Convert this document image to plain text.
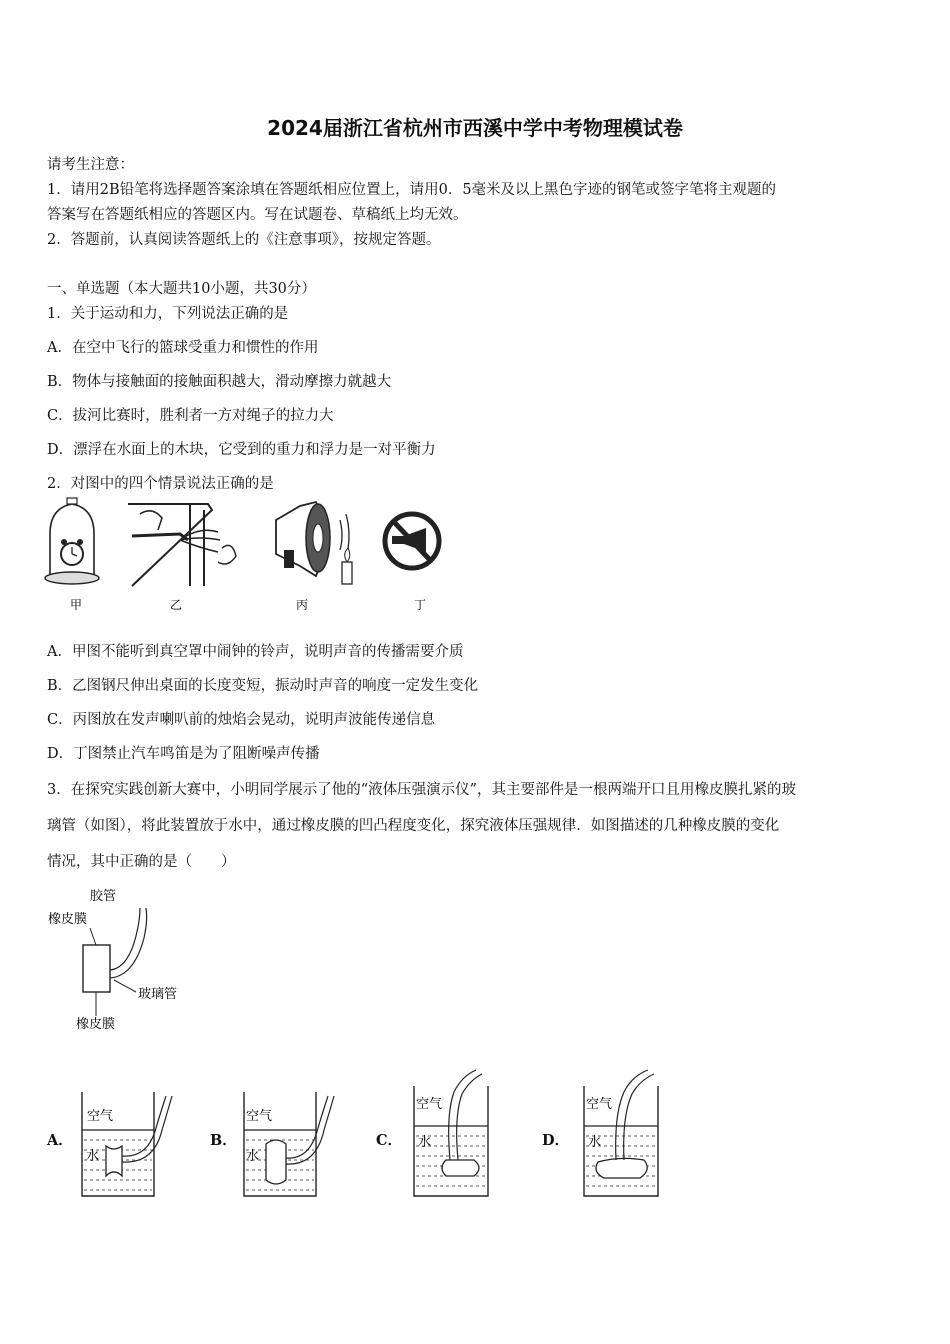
2024届浙江省杭州市西溪中学中考物理模试卷
请考生注意：
1．请用2B铅笔将选择题答案涂填在答题纸相应位置上，请用0．5毫米及以上黑色字迹的钢笔或签字笔将主观题的
答案写在答题纸相应的答题区内。写在试题卷、草稿纸上均无效。
2．答题前，认真阅读答题纸上的《注意事项》，按规定答题。
一、单选题（本大题共10小题，共30分）
1．关于运动和力，下列说法正确的是
A．在空中飞行的篮球受重力和惯性的作用
B．物体与接触面的接触面积越大，滑动摩擦力就越大
C．拔河比赛时，胜利者一方对绳子的拉力大
D．漂浮在水面上的木块，它受到的重力和浮力是一对平衡力
2．对图中的四个情景说法正确的是
甲	乙	丙	丁
A．甲图不能听到真空罩中闹钟的铃声，说明声音的传播需要介质
B．乙图钢尺伸出桌面的长度变短，振动时声音的响度一定发生变化
C．丙图放在发声喇叭前的烛焰会晃动，说明声波能传递信息
D．丁图禁止汽车鸣笛是为了阻断噪声传播
3．在探究实践创新大赛中，小明同学展示了他的“液体压强演示仪”，其主要部件是一根两端开口且用橡皮膜扎紧的玻
璃管（如图），将此装置放于水中，通过橡皮膜的凹凸程度变化，探究液体压强规律．如图描述的几种橡皮膜的变化
情况，其中正确的是（　　）
胶管
橡皮膜
玻璃管
橡皮膜
A．	B．	C．	D．
空气
水
空气
水
空气
水
空气
水
